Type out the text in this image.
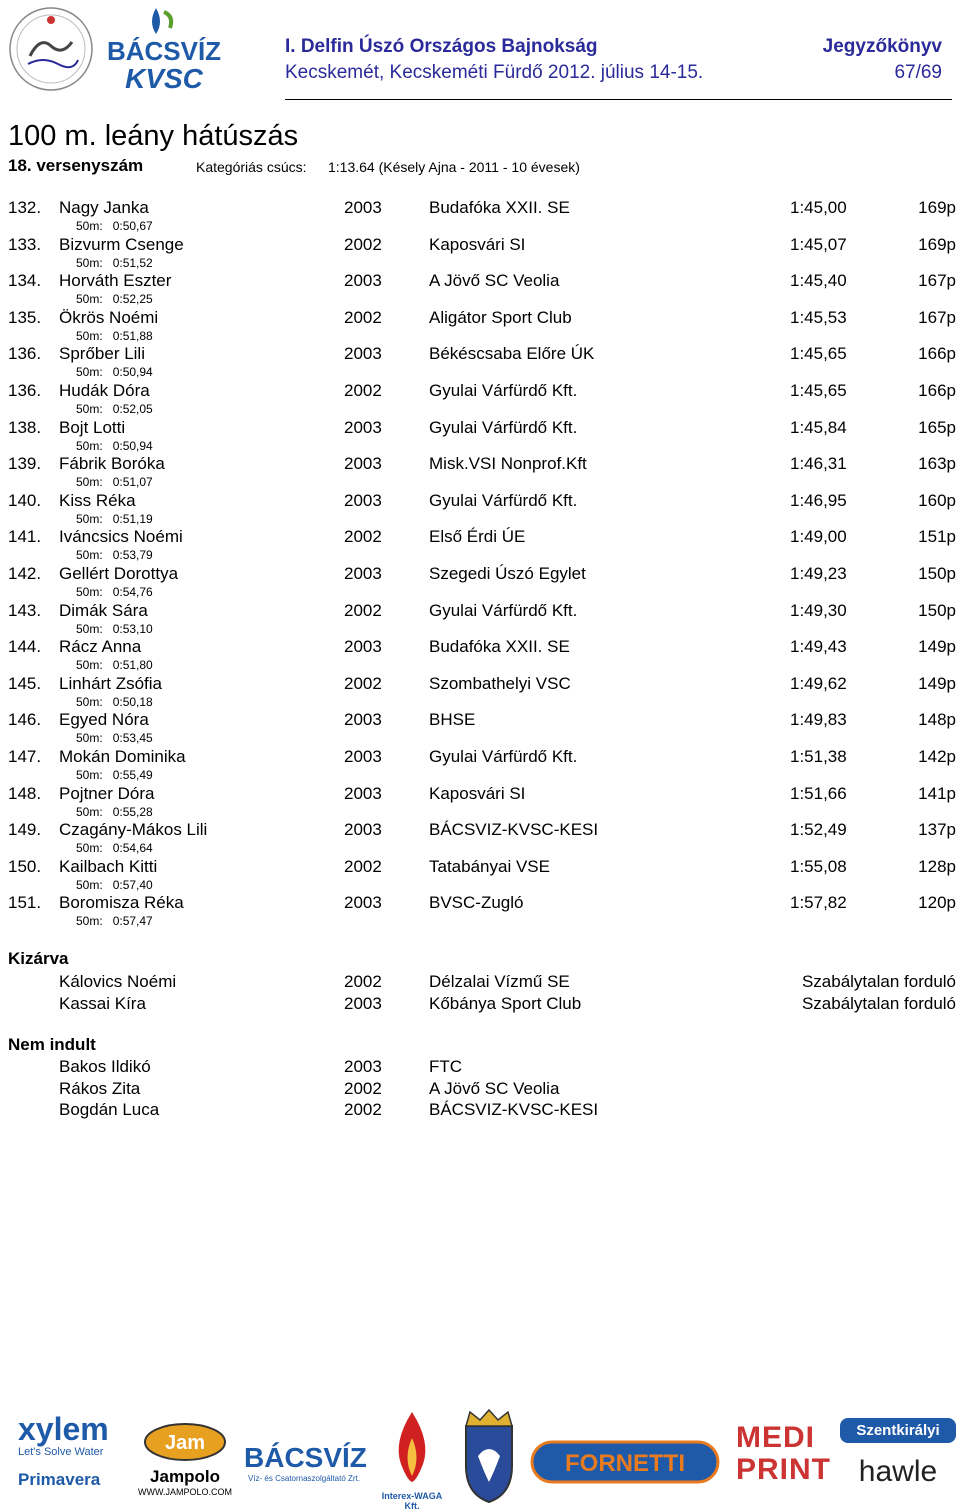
BÁCSVÍZ
KVSC
I. Delfin Úszó Országos Bajnokság	Jegyzőkönyv
Kecskemét, Kecskeméti Fürdő 2012. július 14-15.	67/69
100 m. leány hátúszás
18. versenyszám	Kategóriás csúcs: 1:13.64 (Késely Ajna - 2011 - 10 évesek)
132. Nagy Janka	2003	Budafóka XXII. SE	1:45,00	169p
50m: 0:50,67
133. Bizvurm Csenge	2002	Kaposvári SI	1:45,07	169p
50m: 0:51,52
134. Horváth Eszter	2003	A Jövő SC Veolia	1:45,40	167p
50m: 0:52,25
135. Ökrös Noémi	2002	Aligátor Sport Club	1:45,53	167p
50m: 0:51,88
136. Sprőber Lili	2003	Békéscsaba Előre ÚK	1:45,65	166p
50m: 0:50,94
136. Hudák Dóra	2002	Gyulai Várfürdő Kft.	1:45,65	166p
50m: 0:52,05
138. Bojt Lotti	2003	Gyulai Várfürdő Kft.	1:45,84	165p
50m: 0:50,94
139. Fábrik Boróka	2003	Misk.VSI Nonprof.Kft	1:46,31	163p
50m: 0:51,07
140. Kiss Réka	2003	Gyulai Várfürdő Kft.	1:46,95	160p
50m: 0:51,19
141. Iváncsics Noémi	2002	Első Érdi ÚE	1:49,00	151p
50m: 0:53,79
142. Gellért Dorottya	2003	Szegedi Úszó Egylet	1:49,23	150p
50m: 0:54,76
143. Dimák Sára	2002	Gyulai Várfürdő Kft.	1:49,30	150p
50m: 0:53,10
144. Rácz Anna	2003	Budafóka XXII. SE	1:49,43	149p
50m: 0:51,80
145. Linhárt Zsófia	2002	Szombathelyi VSC	1:49,62	149p
50m: 0:50,18
146. Egyed Nóra	2003	BHSE	1:49,83	148p
50m: 0:53,45
147. Mokán Dominika	2003	Gyulai Várfürdő Kft.	1:51,38	142p
50m: 0:55,49
148. Pojtner Dóra	2003	Kaposvári SI	1:51,66	141p
50m: 0:55,28
149. Czagány-Mákos Lili	2003	BÁCSVIZ-KVSC-KESI	1:52,49	137p
50m: 0:54,64
150. Kailbach Kitti	2002	Tatabányai VSE	1:55,08	128p
50m: 0:57,40
151. Boromisza Réka	2003	BVSC-Zugló	1:57,82	120p
50m: 0:57,47
Kizárva
Kálovics Noémi	2002	Délzalai Vízmű SE	Szabálytalan forduló
Kassai Kíra	2003	Kőbánya Sport Club	Szabálytalan forduló
Nem indult
Bakos Ildikó	2003	FTC
Rákos Zita	2002	A Jövő SC Veolia
Bogdán Luca	2002	BÁCSVIZ-KVSC-KESI
xylem
Let's Solve Water
Primavera
Jam
Jampolo
WWW.JAMPOLO.COM
BÁCSVÍZ
Víz- és Csatornaszolgáltató Zrt.
Interex-WAGA Kft.
FORNETTI
MEDI PRINT
Szentkirályi
hawle
